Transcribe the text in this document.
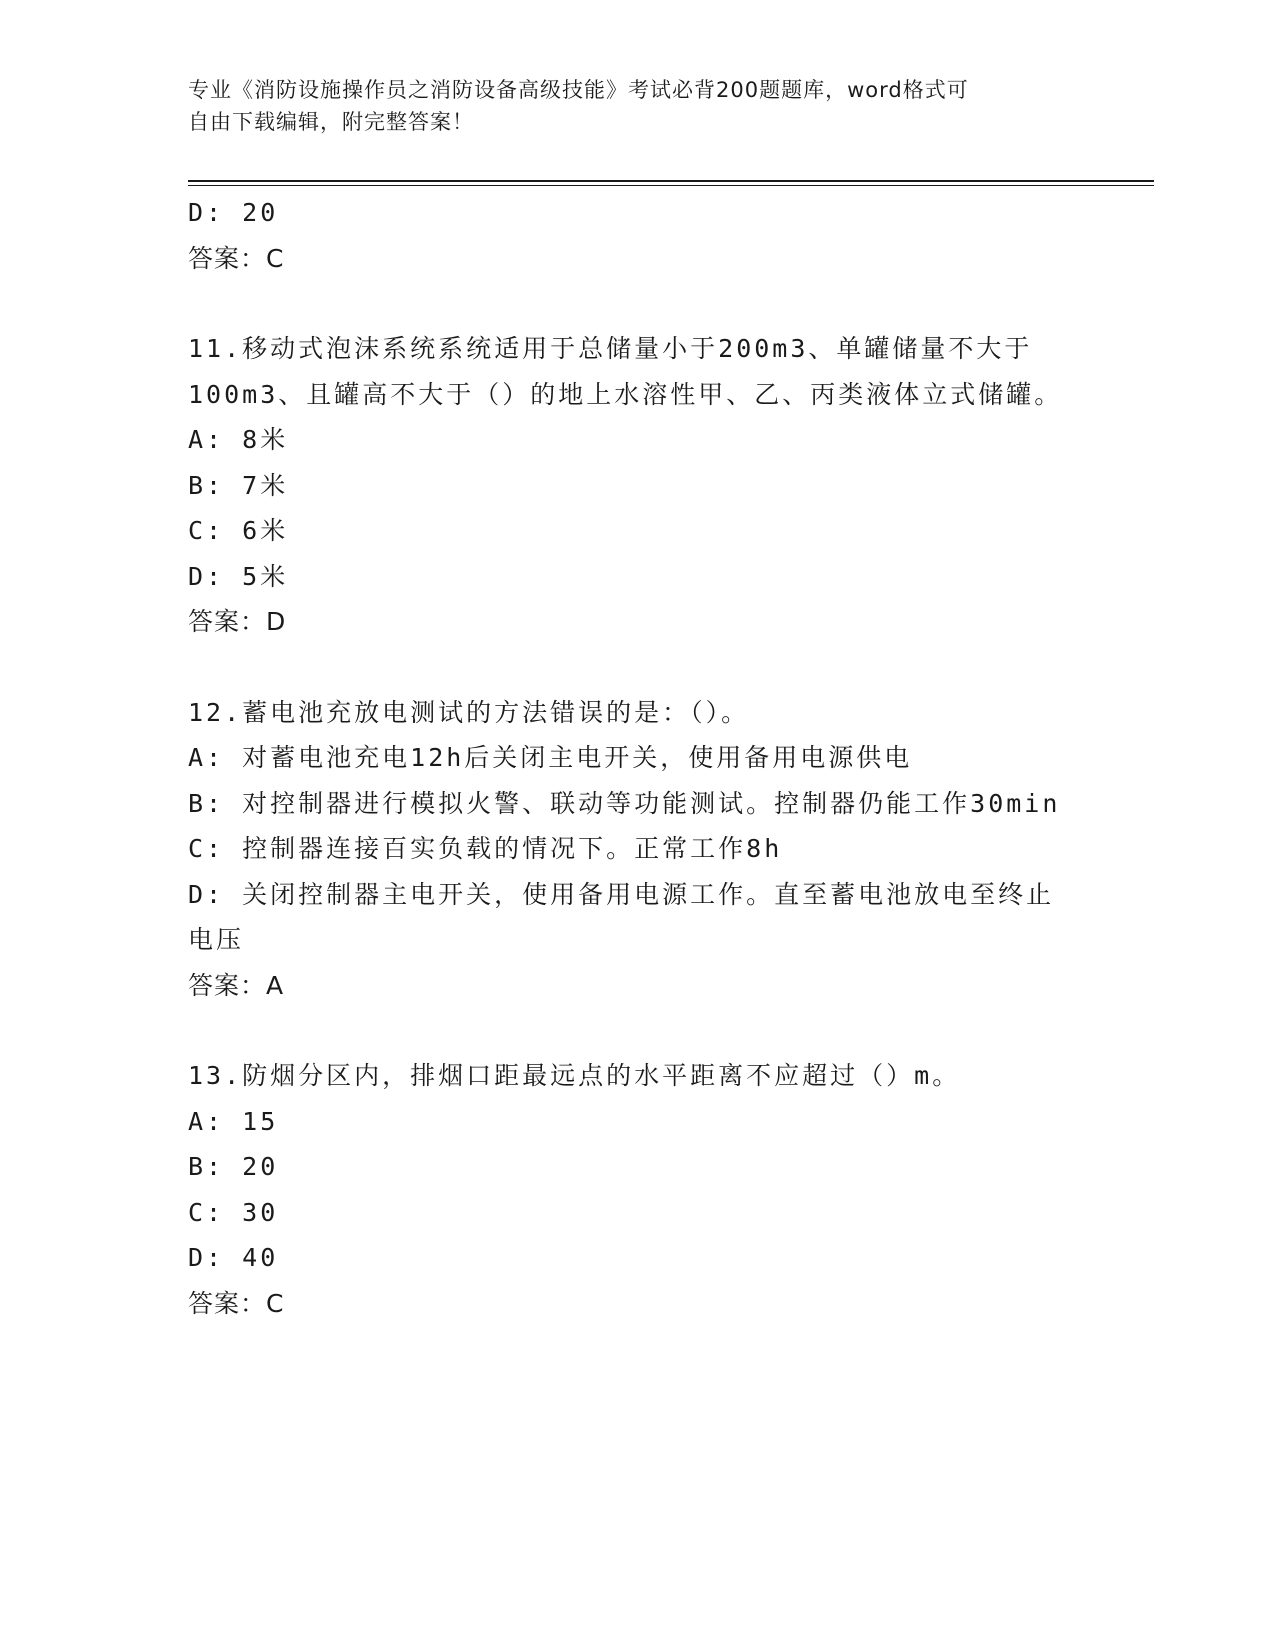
专业《消防设施操作员之消防设备高级技能》考试必背200题题库，word格式可
自由下载编辑，附完整答案！
D: 20
答案：C
11.移动式泡沫系统系统适用于总储量小于200m3、单罐储量不大于
100m3、且罐高不大于（）的地上水溶性甲、乙、丙类液体立式储罐。
A: 8米
B: 7米
C: 6米
D: 5米
答案：D
12.蓄电池充放电测试的方法错误的是：（）。
A: 对蓄电池充电12h后关闭主电开关，使用备用电源供电
B: 对控制器进行模拟火警、联动等功能测试。控制器仍能工作30min
C: 控制器连接百实负载的情况下。正常工作8h
D: 关闭控制器主电开关，使用备用电源工作。直至蓄电池放电至终止
电压
答案：A
13.防烟分区内，排烟口距最远点的水平距离不应超过（）m。
A: 15
B: 20
C: 30
D: 40
答案：C
